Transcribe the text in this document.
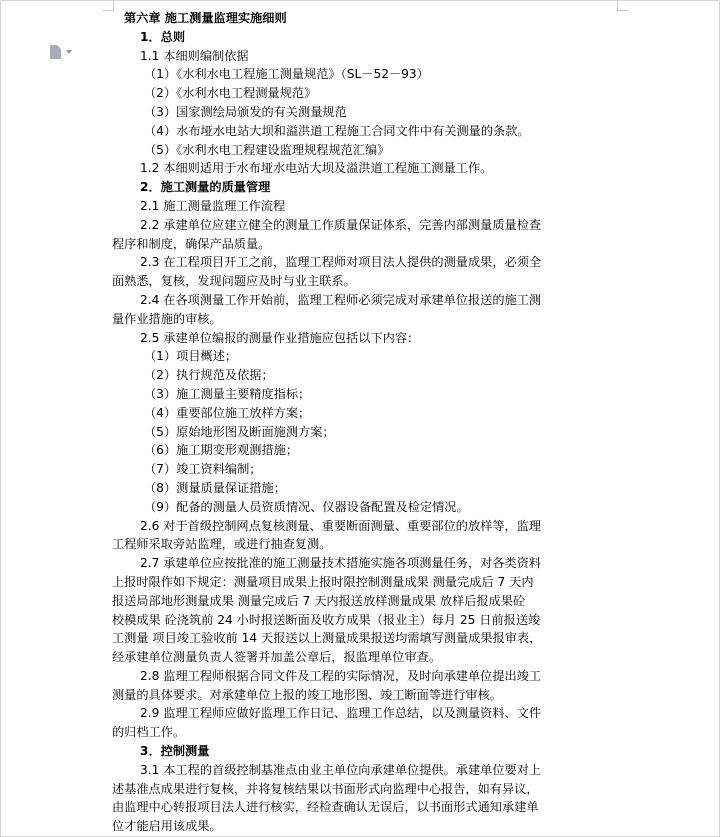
第六章 施工测量监理实施细则
1．总则
1.1 本细则编制依据
（1）《水利水电工程施工测量规范》（SL－52－93）
（2）《水利水电工程测量规范》
（3）国家测绘局颁发的有关测量规范
（4）水布垭水电站大坝和溢洪道工程施工合同文件中有关测量的条款。
（5）《水利水电工程建设监理规程规范汇编》
1.2 本细则适用于水布垭水电站大坝及溢洪道工程施工测量工作。
2．施工测量的质量管理
2.1 施工测量监理工作流程
2.2 承建单位应建立健全的测量工作质量保证体系，完善内部测量质量检查
程序和制度，确保产品质量。
2.3 在工程项目开工之前，监理工程师对项目法人提供的测量成果，必须全
面熟悉，复核，发现问题应及时与业主联系。
2.4 在各项测量工作开始前，监理工程师必须完成对承建单位报送的施工测
量作业措施的审核。
2.5 承建单位编报的测量作业措施应包括以下内容：
（1）项目概述；
（2）执行规范及依据；
（3）施工测量主要精度指标；
（4）重要部位施工放样方案；
（5）原始地形图及断面施测方案；
（6）施工期变形观测措施；
（7）竣工资料编制；
（8）测量质量保证措施；
（9）配备的测量人员资质情况、仪器设备配置及检定情况。
2.6 对于首级控制网点复核测量、重要断面测量、重要部位的放样等，监理
工程师采取旁站监理，或进行抽查复测。
2.7 承建单位应按批准的施工测量技术措施实施各项测量任务，对各类资料
上报时限作如下规定：测量项目成果上报时限控制测量成果 测量完成后 7 天内
报送局部地形测量成果 测量完成后 7 天内报送放样测量成果 放样后报成果砼
校模成果 砼浇筑前 24 小时报送断面及收方成果（报业主）每月 25 日前报送竣
工测量 项目竣工验收前 14 天报送以上测量成果报送均需填写测量成果报审表，
经承建单位测量负责人签署并加盖公章后，报监理单位审查。
2.8 监理工程师根据合同文件及工程的实际情况，及时向承建单位提出竣工
测量的具体要求。对承建单位上报的竣工地形图、竣工断面等进行审核。
2.9 监理工程师应做好监理工作日记、监理工作总结，以及测量资料、文件
的归档工作。
3．控制测量
3.1 本工程的首级控制基准点由业主单位向承建单位提供。承建单位要对上
述基准点成果进行复核，并将复核结果以书面形式向监理中心报告，如有异议，
由监理中心转报项目法人进行核实，经检查确认无误后，以书面形式通知承建单
位才能启用该成果。
